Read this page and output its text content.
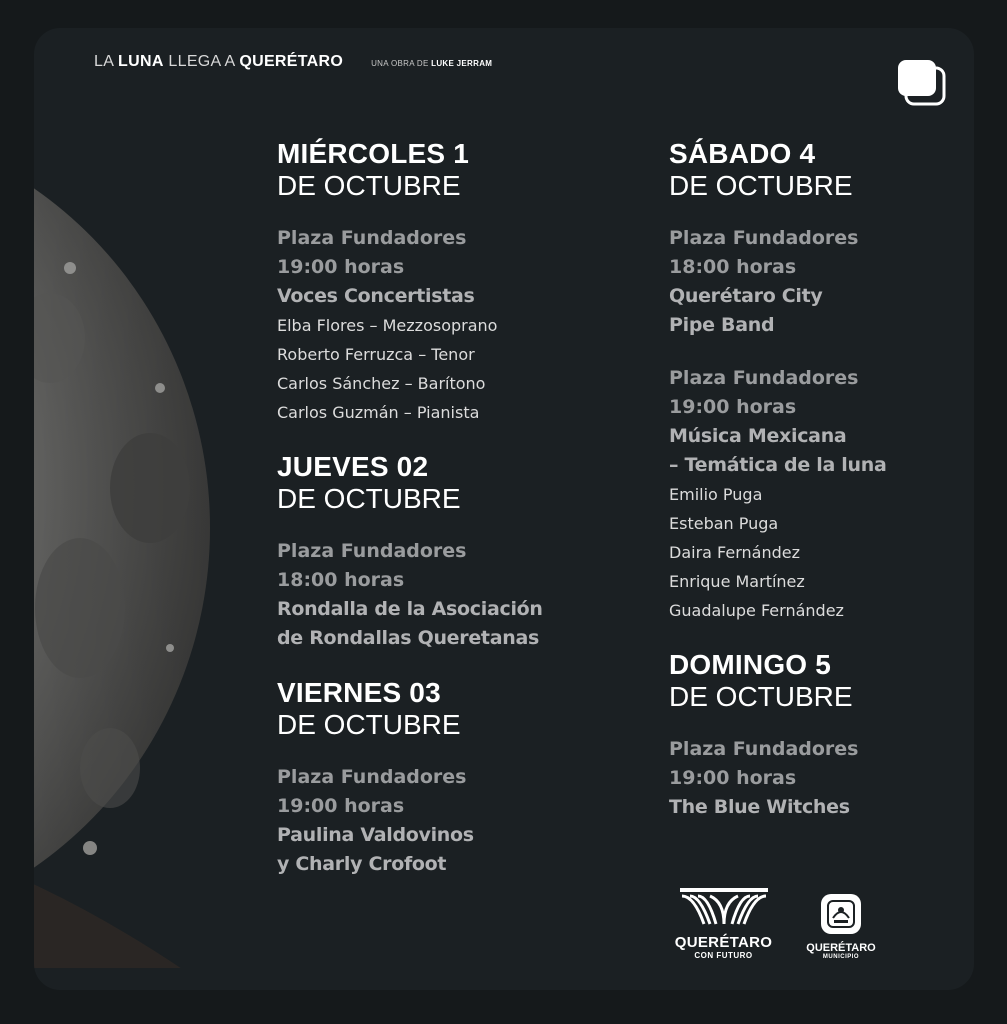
LA LUNA LLEGA A QUERÉTARO	UNA OBRA DE LUKE JERRAM
MIÉRCOLES 1
DE OCTUBRE
Plaza Fundadores
19:00 horas
Voces Concertistas
Elba Flores – Mezzosoprano
Roberto Ferruzca – Tenor
Carlos Sánchez – Barítono
Carlos Guzmán – Pianista
JUEVES 02
DE OCTUBRE
Plaza Fundadores
18:00 horas
Rondalla de la Asociación
de Rondallas Queretanas
VIERNES 03
DE OCTUBRE
Plaza Fundadores
19:00 horas
Paulina Valdovinos
y Charly Crofoot
SÁBADO 4
DE OCTUBRE
Plaza Fundadores
18:00 horas
Querétaro City
Pipe Band
Plaza Fundadores
19:00 horas
Música Mexicana
– Temática de la luna
Emilio Puga
Esteban Puga
Daira Fernández
Enrique Martínez
Guadalupe Fernández
DOMINGO 5
DE OCTUBRE
Plaza Fundadores
19:00 horas
The Blue Witches
QUERÉTARO
CON FUTURO
QUERÉTARO
MUNICIPIO
